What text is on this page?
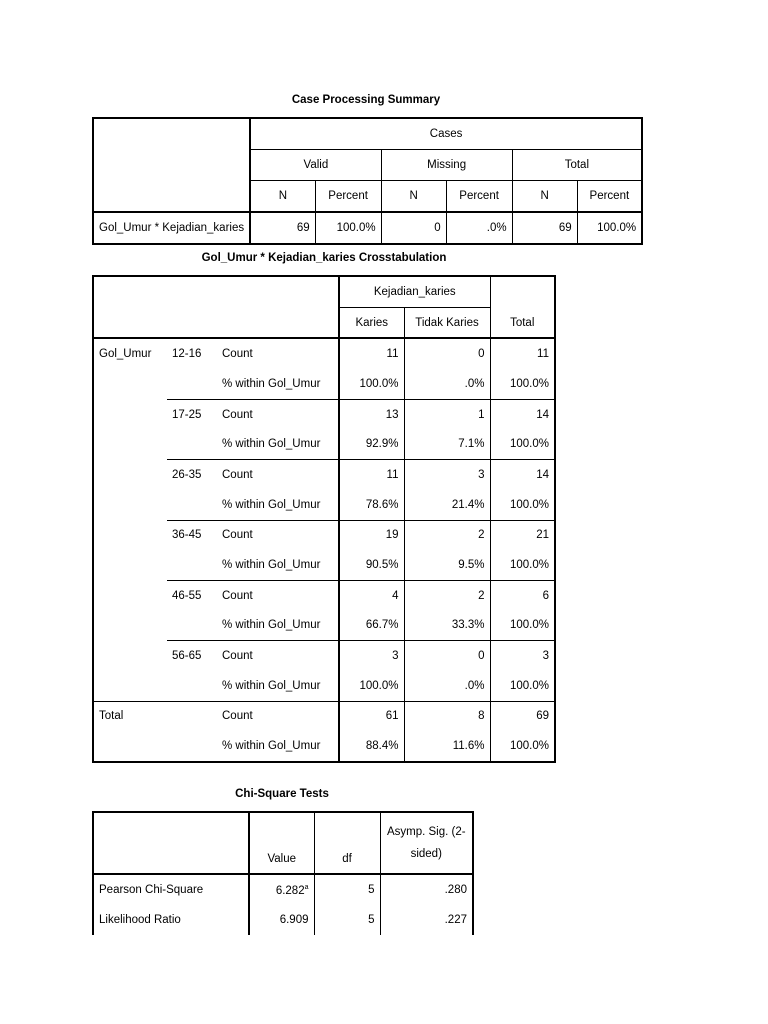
Case Processing Summary
	Cases					
	Valid		Missing		Total	
	N	Percent	N	Percent	N	Percent
Gol_Umur * Kejadian_karies	69	100.0%	0	.0%	69	100.0%
Gol_Umur * Kejadian_karies Crosstabulation
			Kejadian_karies		Total
			Karies	Tidak Karies	
Gol_Umur	12-16	Count	11	0	11
		% within Gol_Umur	100.0%	.0%	100.0%
	17-25	Count	13	1	14
		% within Gol_Umur	92.9%	7.1%	100.0%
	26-35	Count	11	3	14
		% within Gol_Umur	78.6%	21.4%	100.0%
	36-45	Count	19	2	21
		% within Gol_Umur	90.5%	9.5%	100.0%
	46-55	Count	4	2	6
		% within Gol_Umur	66.7%	33.3%	100.0%
	56-65	Count	3	0	3
		% within Gol_Umur	100.0%	.0%	100.0%
Total		Count	61	8	69
		% within Gol_Umur	88.4%	11.6%	100.0%
Chi-Square Tests
	Value	df	Asymp. Sig. (2-
sided)

Pearson Chi-Square	6.282$^a$	5	.280
Likelihood Ratio	6.909	5	.227
